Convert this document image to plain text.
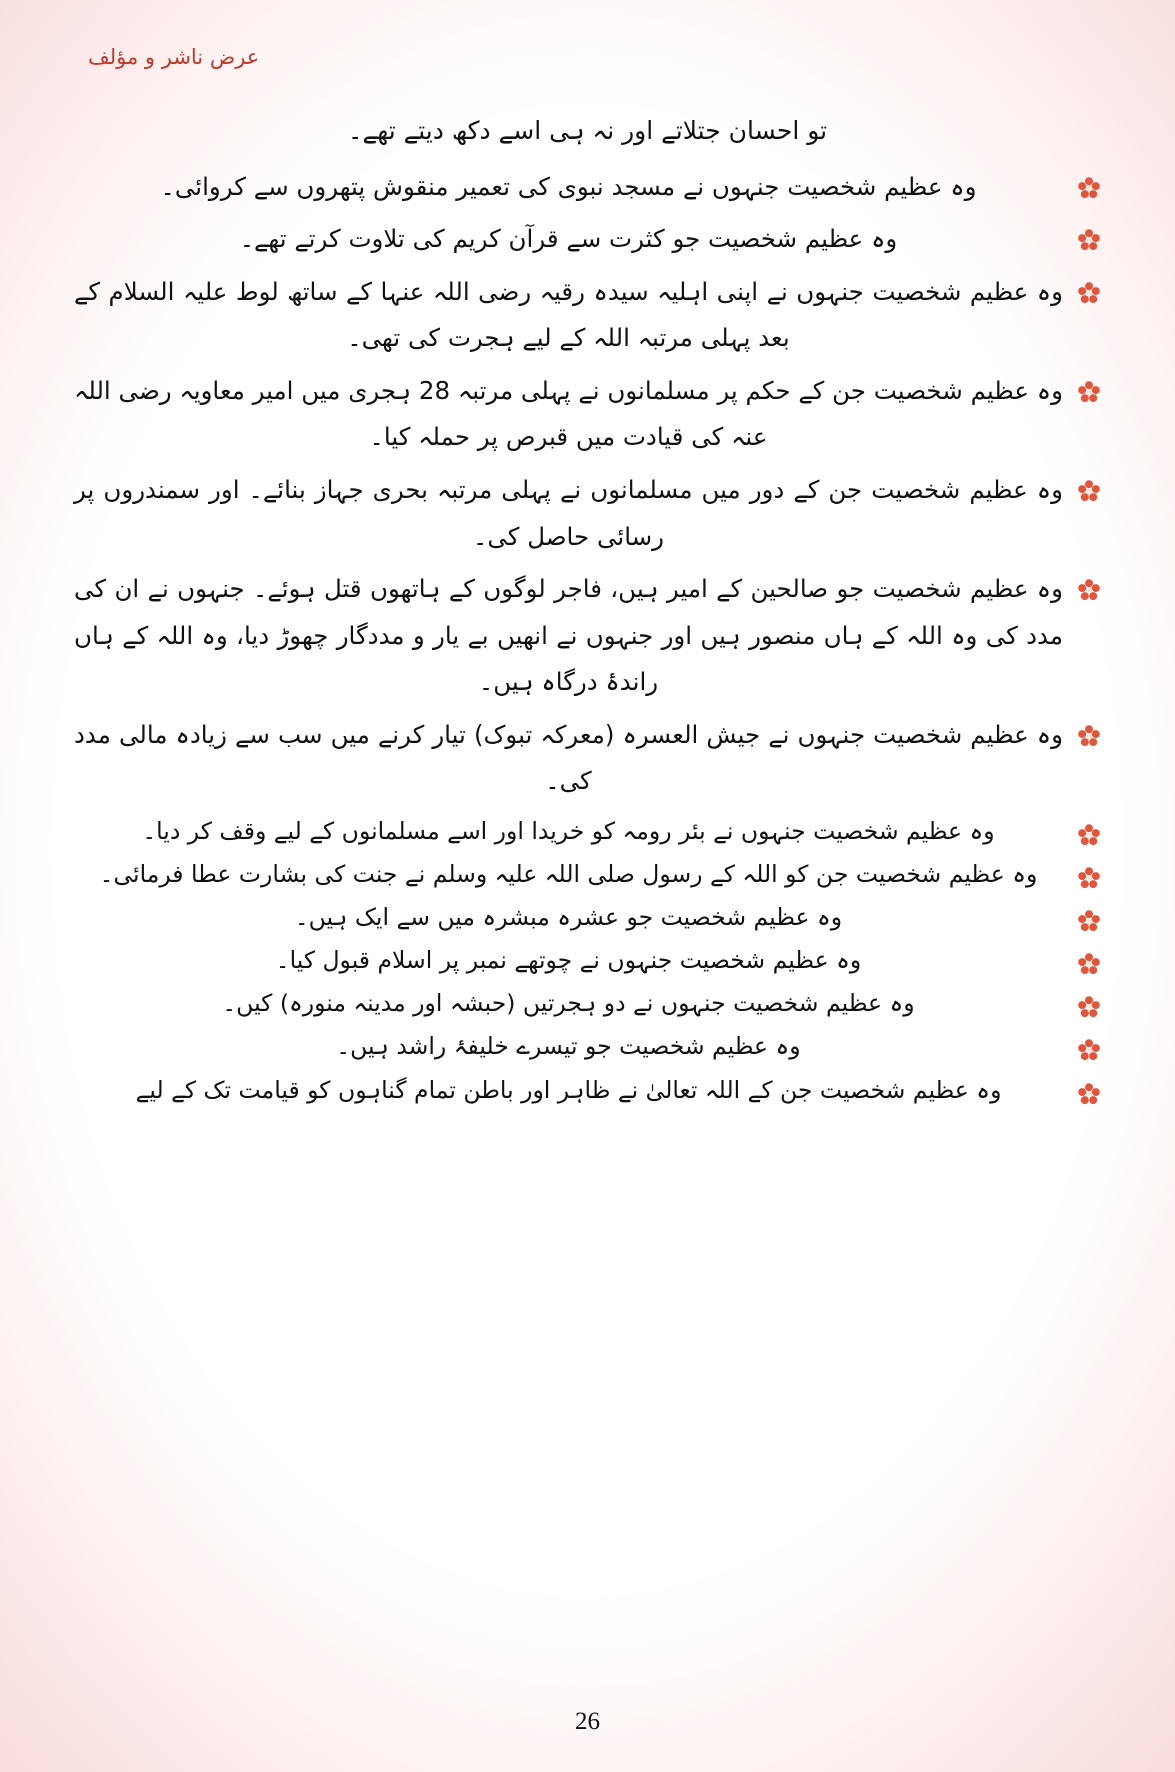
عرض ناشر و مؤلف

تو احسان جتلاتے اور نہ ہی اسے دکھ دیتے تھے۔

وہ عظیم شخصیت جنہوں نے مسجد نبوی کی تعمیر منقوش پتھروں سے کروائی۔
وہ عظیم شخصیت جو کثرت سے قرآن کریم کی تلاوت کرتے تھے۔
وہ عظیم شخصیت جنہوں نے اپنی اہلیہ سیدہ رقیہ رضی اللہ عنہا کے ساتھ لوط علیہ السلام کے بعد پہلی مرتبہ اللہ کے لیے ہجرت کی تھی۔
وہ عظیم شخصیت جن کے حکم پر مسلمانوں نے پہلی مرتبہ 28 ہجری میں امیر معاویہ رضی اللہ عنہ کی قیادت میں قبرص پر حملہ کیا۔
وہ عظیم شخصیت جن کے دور میں مسلمانوں نے پہلی مرتبہ بحری جہاز بنائے۔ اور سمندروں پر رسائی حاصل کی۔
وہ عظیم شخصیت جو صالحین کے امیر ہیں، فاجر لوگوں کے ہاتھوں قتل ہوئے۔ جنہوں نے ان کی مدد کی وہ اللہ کے ہاں منصور ہیں اور جنہوں نے انھیں بے یار و مددگار چھوڑ دیا، وہ اللہ کے ہاں راندۂ درگاہ ہیں۔
وہ عظیم شخصیت جنہوں نے جیش العسرہ (معرکہ تبوک) تیار کرنے میں سب سے زیادہ مالی مدد کی۔
وہ عظیم شخصیت جنہوں نے بئر رومہ کو خریدا اور اسے مسلمانوں کے لیے وقف کر دیا۔
وہ عظیم شخصیت جن کو اللہ کے رسول صلی اللہ علیہ وسلم نے جنت کی بشارت عطا فرمائی۔
وہ عظیم شخصیت جو عشرہ مبشرہ میں سے ایک ہیں۔
وہ عظیم شخصیت جنہوں نے چوتھے نمبر پر اسلام قبول کیا۔
وہ عظیم شخصیت جنہوں نے دو ہجرتیں (حبشہ اور مدینہ منورہ) کیں۔
وہ عظیم شخصیت جو تیسرے خلیفۂ راشد ہیں۔
وہ عظیم شخصیت جن کے اللہ تعالیٰ نے ظاہر اور باطن تمام گناہوں کو قیامت تک کے لیے
26
